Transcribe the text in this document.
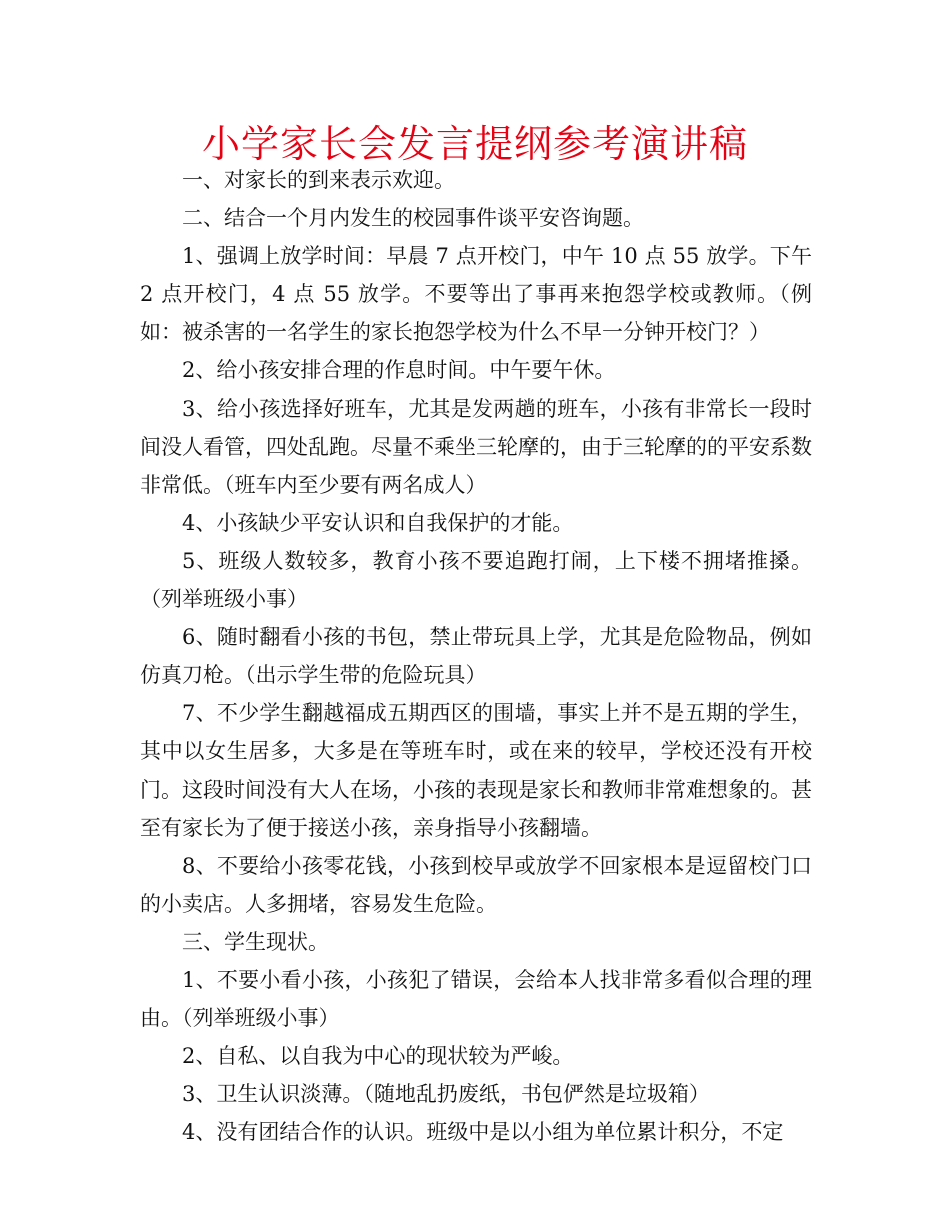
小学家长会发言提纲参考演讲稿

一、对家长的到来表示欢迎。

二、结合一个月内发生的校园事件谈平安咨询题。

1、强调上放学时间：早晨 7 点开校门，中午 10 点 55 放学。下午 2 点开校门，4 点 55 放学。不要等出了事再来抱怨学校或教师。（例如：被杀害的一名学生的家长抱怨学校为什么不早一分钟开校门？）

2、给小孩安排合理的作息时间。中午要午休。

3、给小孩选择好班车，尤其是发两趟的班车，小孩有非常长一段时间没人看管，四处乱跑。尽量不乘坐三轮摩的，由于三轮摩的的平安系数非常低。（班车内至少要有两名成人）

4、小孩缺少平安认识和自我保护的才能。

5、班级人数较多，教育小孩不要追跑打闹，上下楼不拥堵推搡。（列举班级小事）

6、随时翻看小孩的书包，禁止带玩具上学，尤其是危险物品，例如仿真刀枪。（出示学生带的危险玩具）

7、不少学生翻越福成五期西区的围墙，事实上并不是五期的学生，其中以女生居多，大多是在等班车时，或在来的较早，学校还没有开校门。这段时间没有大人在场，小孩的表现是家长和教师非常难想象的。甚至有家长为了便于接送小孩，亲身指导小孩翻墙。

8、不要给小孩零花钱，小孩到校早或放学不回家根本是逗留校门口的小卖店。人多拥堵，容易发生危险。

三、学生现状。

1、不要小看小孩，小孩犯了错误，会给本人找非常多看似合理的理由。（列举班级小事）

2、自私、以自我为中心的现状较为严峻。

3、卫生认识淡薄。（随地乱扔废纸，书包俨然是垃圾箱）

4、没有团结合作的认识。班级中是以小组为单位累计积分，不定
